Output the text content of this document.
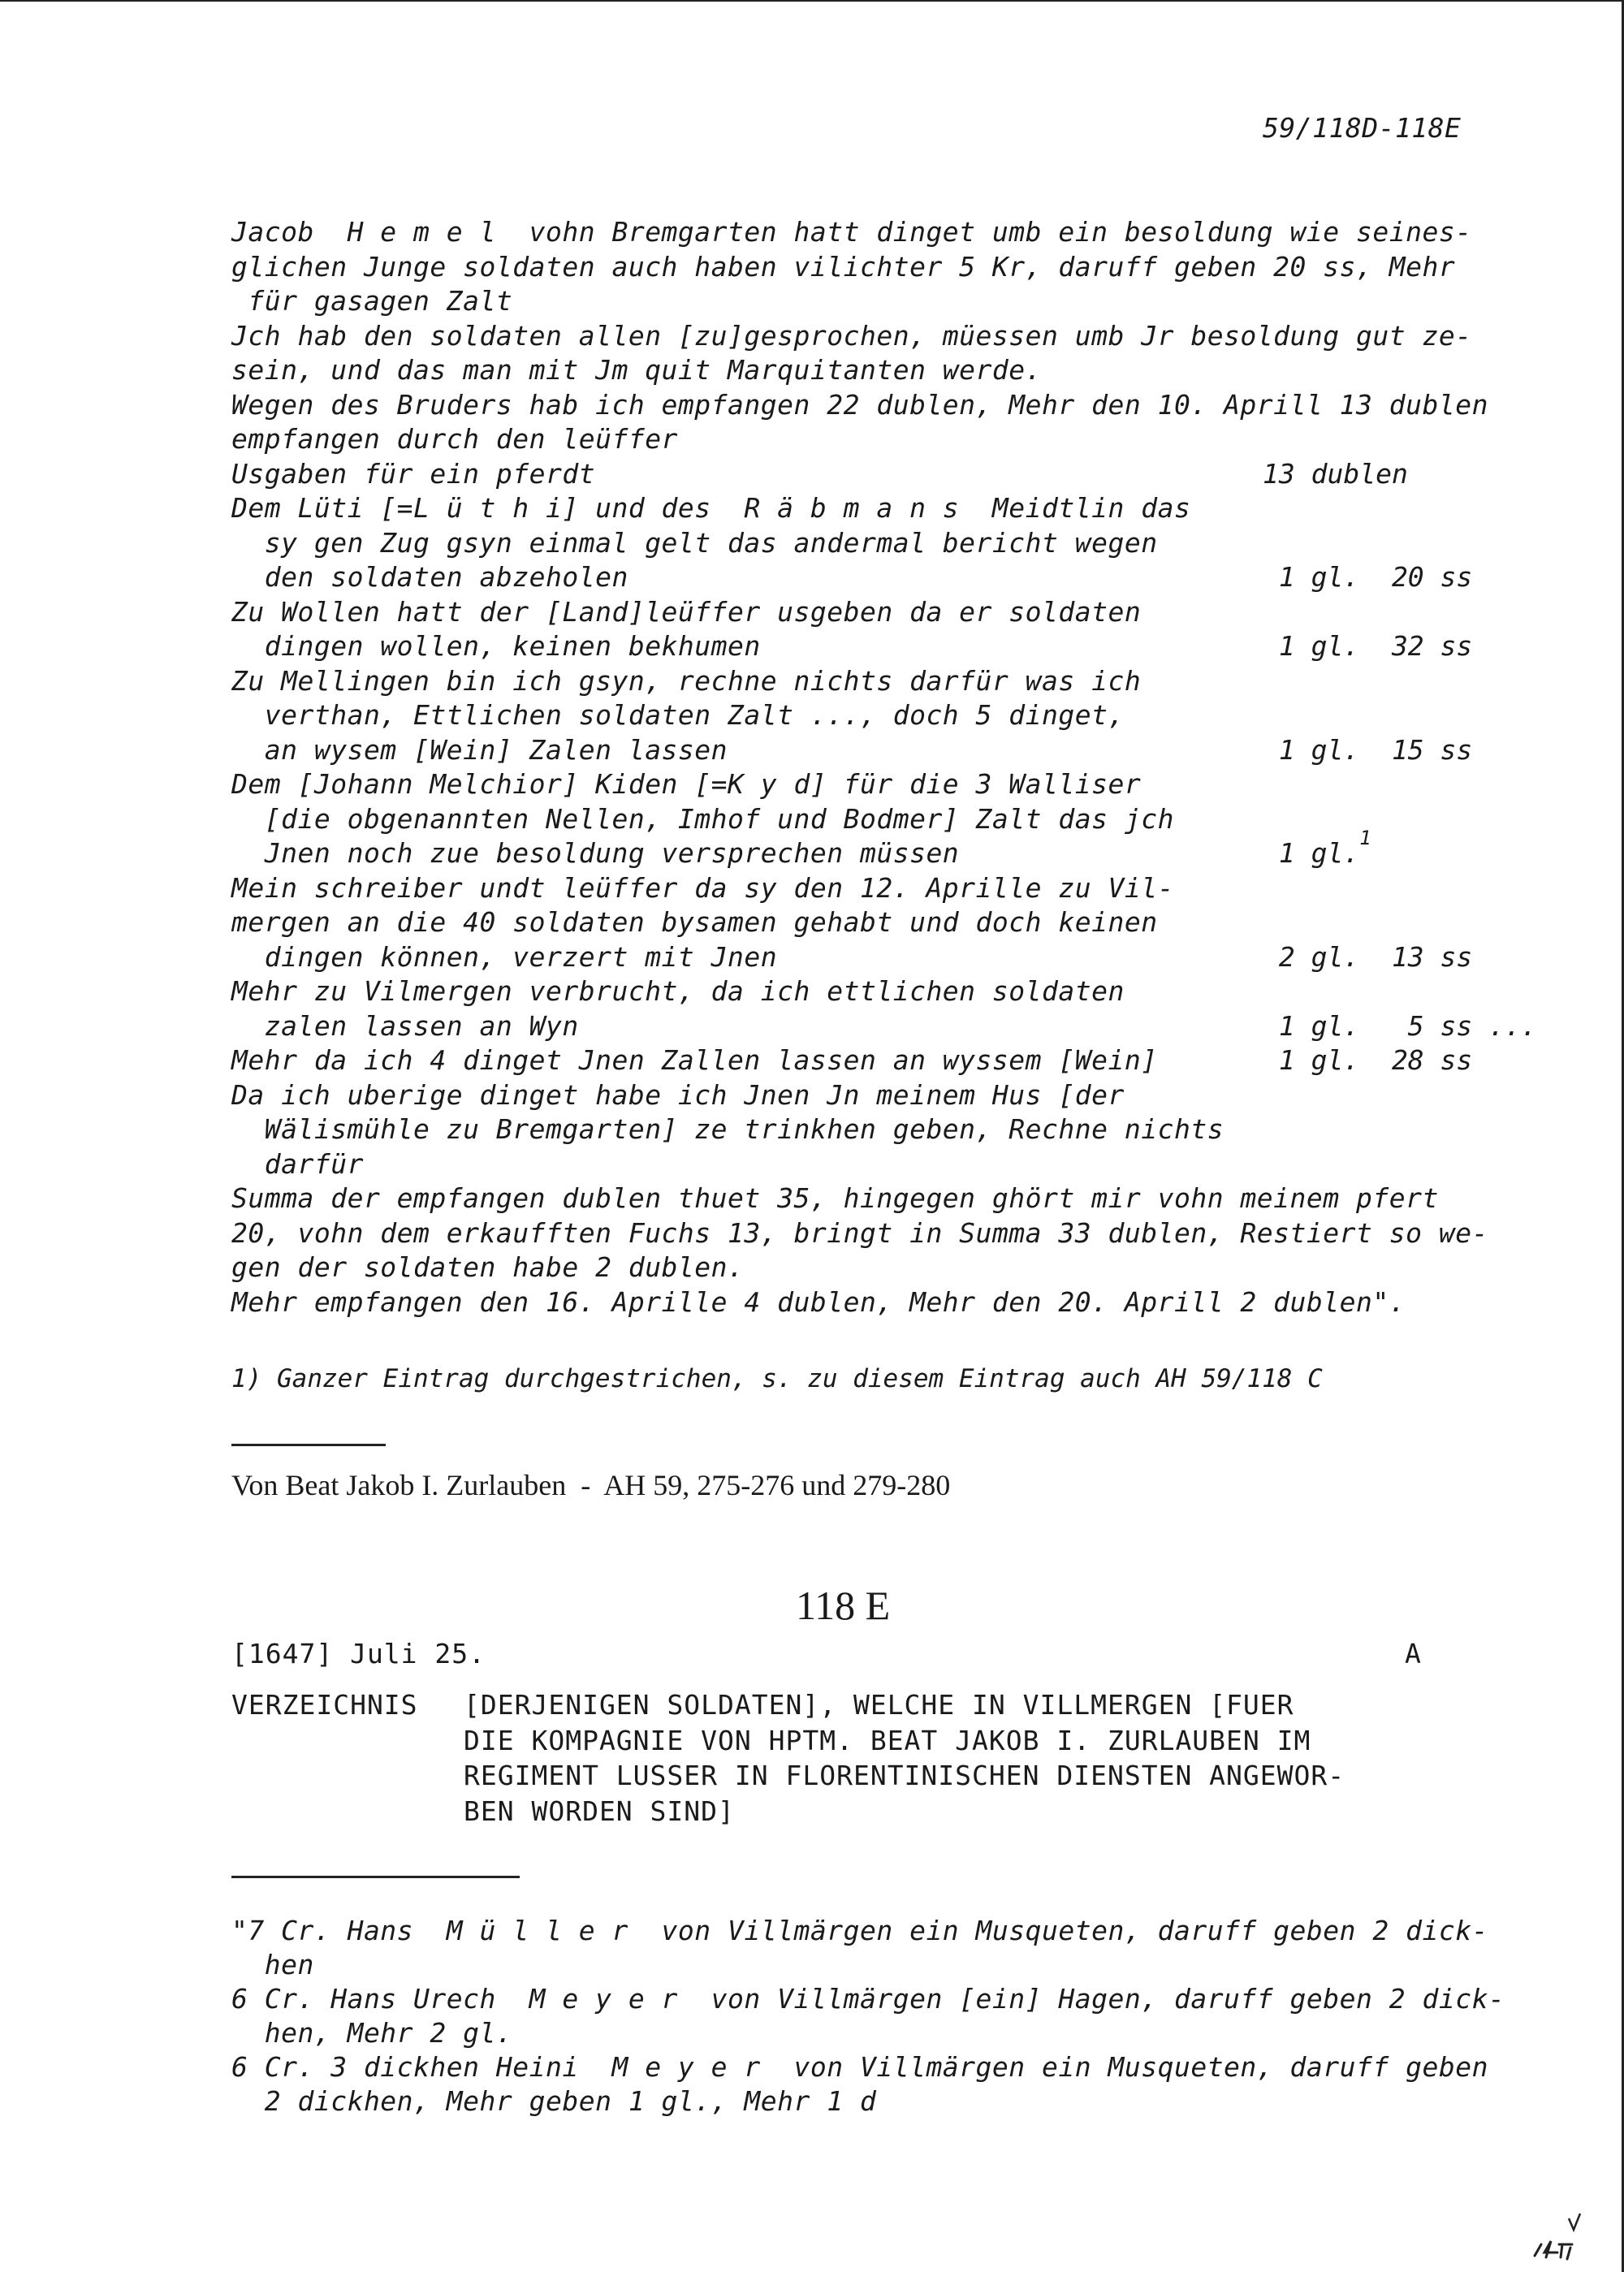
59/118D-118E
Jacob  H e m e l  vohn Bremgarten hatt dinget umb ein besoldung wie seines-
glichen Junge soldaten auch haben vilichter 5 Kr, daruff geben 20 ss, Mehr
für gasagen Zalt
Jch hab den soldaten allen [zu]gesprochen, müessen umb Jr besoldung gut ze-
sein, und das man mit Jm quit Marquitanten werde.
Wegen des Bruders hab ich empfangen 22 dublen, Mehr den 10. Aprill 13 dublen
empfangen durch den leüffer
Usgaben für ein pferdt	13 dublen
Dem Lüti [=L ü t h i] und des  R ä b m a n s  Meidtlin das
sy gen Zug gsyn einmal gelt das andermal bericht wegen
den soldaten abzeholen	1 gl.  20 ss
Zu Wollen hatt der [Land]leüffer usgeben da er soldaten
dingen wollen, keinen bekhumen	1 gl.  32 ss
Zu Mellingen bin ich gsyn, rechne nichts darfür was ich
verthan, Ettlichen soldaten Zalt ..., doch 5 dinget,
an wysem [Wein] Zalen lassen	1 gl.  15 ss
Dem [Johann Melchior] Kiden [=K y d] für die 3 Walliser
[die obgenannten Nellen, Imhof und Bodmer] Zalt das jch
Jnen noch zue besoldung versprechen müssen	1 gl.$^1$
Mein schreiber undt leüffer da sy den 12. Aprille zu Vil-
mergen an die 40 soldaten bysamen gehabt und doch keinen
dingen können, verzert mit Jnen	2 gl.  13 ss
Mehr zu Vilmergen verbrucht, da ich ettlichen soldaten
zalen lassen an Wyn	1 gl.   5 ss ...
Mehr da ich 4 dinget Jnen Zallen lassen an wyssem [Wein]	1 gl.  28 ss
Da ich uberige dinget habe ich Jnen Jn meinem Hus [der
Wälismühle zu Bremgarten] ze trinkhen geben, Rechne nichts
darfür
Summa der empfangen dublen thuet 35, hingegen ghört mir vohn meinem pfert
20, vohn dem erkaufften Fuchs 13, bringt in Summa 33 dublen, Restiert so we-
gen der soldaten habe 2 dublen.
Mehr empfangen den 16. Aprille 4 dublen, Mehr den 20. Aprill 2 dublen".
1) Ganzer Eintrag durchgestrichen, s. zu diesem Eintrag auch AH 59/118 C
Von Beat Jakob I. Zurlauben  -  AH 59, 275-276 und 279-280
118 E
[1647] Juli 25.	A
VERZEICHNIS [DERJENIGEN SOLDATEN], WELCHE IN VILLMERGEN [FUER
DIE KOMPAGNIE VON HPTM. BEAT JAKOB I. ZURLAUBEN IM
REGIMENT LUSSER IN FLORENTINISCHEN DIENSTEN ANGEWOR-
BEN WORDEN SIND]
"7 Cr. Hans  M ü l l e r  von Villmärgen ein Musqueten, daruff geben 2 dick-
hen
6 Cr. Hans Urech  M e y e r  von Villmärgen [ein] Hagen, daruff geben 2 dick-
hen, Mehr 2 gl.
6 Cr. 3 dickhen Heini  M e y e r  von Villmärgen ein Musqueten, daruff geben
2 dickhen, Mehr geben 1 gl., Mehr 1 d
145
